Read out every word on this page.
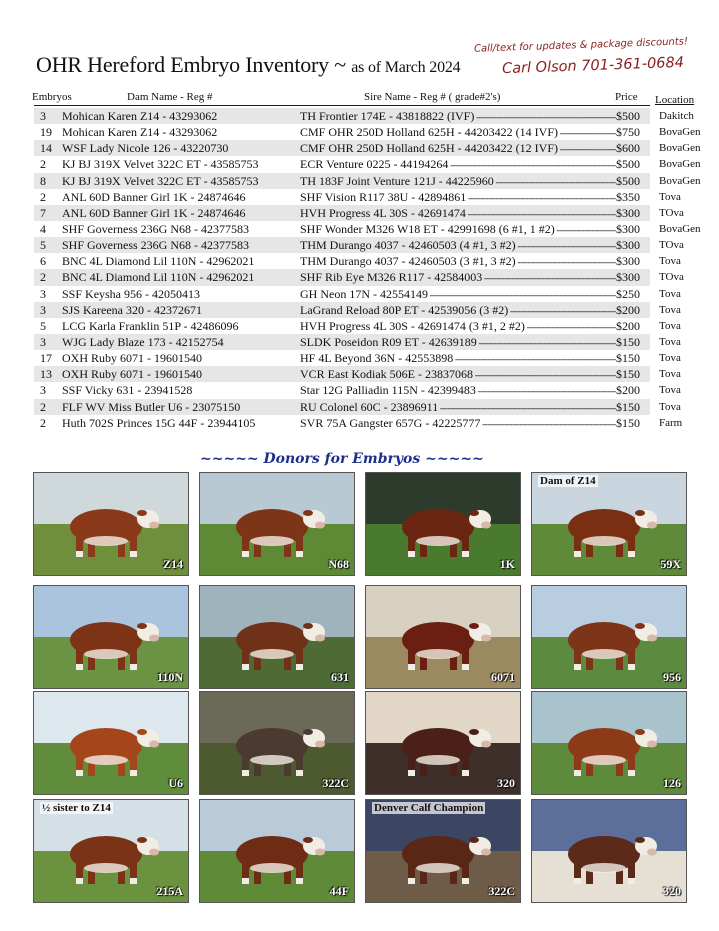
OHR Hereford Embryo Inventory ~ as of March 2024
Call/text for updates & package discounts!
Carl Olson 701-361-0684
Embryos	Dam Name - Reg #	Sire Name - Reg # ( grade#2's)	Price Location
3 Mohican Karen Z14 - 43293062	TH Frontier 174E - 43818822 (IVF) -----	$500 Dakitch
19 Mohican Karen Z14 - 43293062	CMF OHR 250D Holland 625H - 44203422 (14 IVF) -----	$750 BovaGen
14 WSF Lady Nicole 126 - 43220730	CMF OHR 250D Holland 625H - 44203422 (12 IVF) -----	$600 BovaGen
2 KJ BJ 319X Velvet 322C ET - 43585753	ECR Venture 0225 - 44194264 -----	$500 BovaGen
8 KJ BJ 319X Velvet 322C ET - 43585753	TH 183F Joint Venture 121J - 44225960 -----	$500 BovaGen
2 ANL 60D Banner Girl 1K - 24874646	SHF Vision R117 38U - 42894861 -----	$350 Tova
7 ANL 60D Banner Girl 1K - 24874646	HVH Progress 4L 30S - 42691474 -----	$300 TOva
4 SHF Governess 236G N68 - 42377583	SHF Wonder M326 W18 ET - 42991698 (6 #1, 1 #2) -----	$300 BovaGen
5 SHF Governess 236G N68 - 42377583	THM Durango 4037 - 42460503 (4 #1, 3 #2) -----	$300 TOva
6 BNC 4L Diamond Lil 110N - 42962021	THM Durango 4037 - 42460503 (3 #1, 3 #2) -----	$300 Tova
2 BNC 4L Diamond Lil 110N - 42962021	SHF Rib Eye M326 R117 - 42584003 -----	$300 TOva
3 SSF Keysha 956 - 42050413	GH Neon 17N - 42554149 -----	$250 Tova
3 SJS Kareena 320 - 42372671	LaGrand Reload 80P ET - 42539056 (3 #2) -----	$200 Tova
5 LCG Karla Franklin 51P - 42486096	HVH Progress 4L 30S - 42691474 (3 #1, 2 #2) -----	$200 Tova
3 WJG Lady Blaze 173 - 42152754	SLDK Poseidon R09 ET - 42639189 -----	$150 Tova
17 OXH Ruby 6071 - 19601540	HF 4L Beyond 36N - 42553898 -----	$150 Tova
13 OXH Ruby 6071 - 19601540	VCR East Kodiak 506E - 23837068 -----	$150 Tova
3 SSF Vicky 631 - 23941528	Star 12G Palliadin 115N - 42399483 -----	$200 Tova
2 FLF WV Miss Butler U6 - 23075150	RU Colonel 60C - 23896911 -----	$150 Tova
2 Huth 702S Princes 15G 44F - 23944105	SVR 75A Gangster 657G - 42225777 -----	$150 Farm
~~~~~ Donors for Embryos ~~~~~
Z14	N68	1K
Dam of Z14
59X
110N	631	6071	956
U6	322C	320	126
½ sister to Z14
215A	44F
Denver Calf Champion
322C	320
